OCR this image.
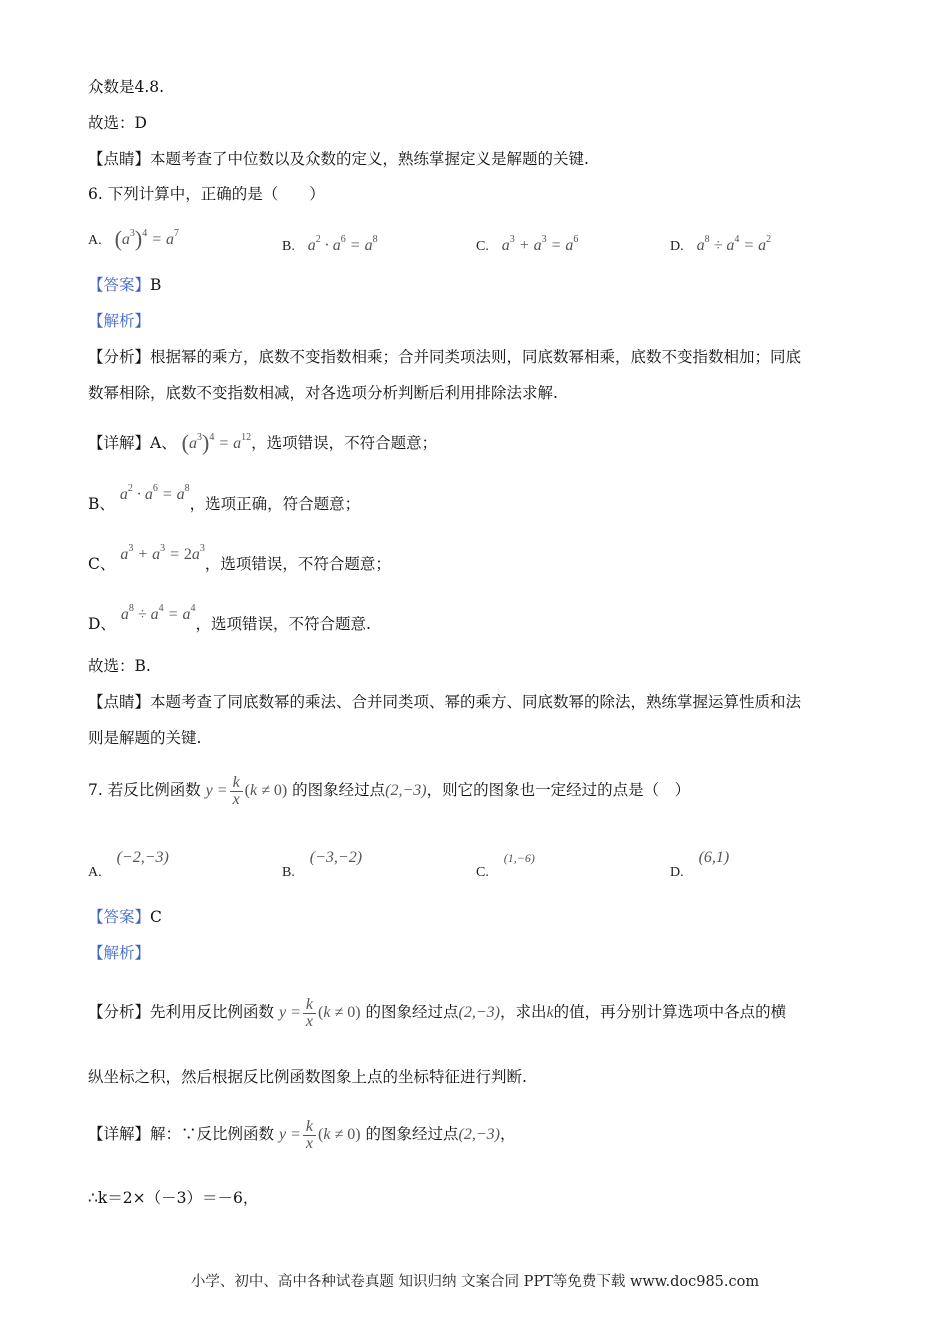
众数是4.8.
故选：D
【点睛】本题考查了中位数以及众数的定义，熟练掌握定义是解题的关键.
6. 下列计算中，正确的是（　　）
A. $(a^3)^4 = a^7$
B. $a^2 \cdot a^6 = a^8$	C. $a^3 + a^3 = a^6$	D. $a^8 \div a^4 = a^2$
【答案】B
【解析】
【分析】根据幂的乘方，底数不变指数相乘；合并同类项法则，同底数幂相乘，底数不变指数相加；同底
数幂相除，底数不变指数相减，对各选项分析判断后利用排除法求解.
【详解】A、 $(a^3)^4 = a^{12}$，选项错误，不符合题意；
B、 $a^2 \cdot a^6 = a^8$，选项正确，符合题意；
C、 $a^3 + a^3 = 2a^3$，选项错误，不符合题意；
D、 $a^8 \div a^4 = a^4$，选项错误，不符合题意.
故选：B.
【点睛】本题考查了同底数幂的乘法、合并同类项、幂的乘方、同底数幂的除法，熟练掌握运算性质和法
则是解题的关键.
7. 若反比例函数 $y = \frac{k}{x} (k \ne 0)$ 的图象经过点(2,−3)，则它的图象也一定经过的点是（　）
A. (−2,−3)
B. (−3,−2)
C. (1,−6)
D. (6,1)
【答案】C
【解析】
【分析】先利用反比例函数 $y = \frac{k}{x} (k \ne 0)$ 的图象经过点(2,−3)，求出k的值，再分别计算选项中各点的横
纵坐标之积，然后根据反比例函数图象上点的坐标特征进行判断.
【详解】解：∵反比例函数 $y = \frac{k}{x} (k \ne 0)$ 的图象经过点(2,−3)，
∴k＝2×（－3）＝－6，
小学、初中、高中各种试卷真题 知识归纳 文案合同 PPT等免费下载 www.doc985.com
